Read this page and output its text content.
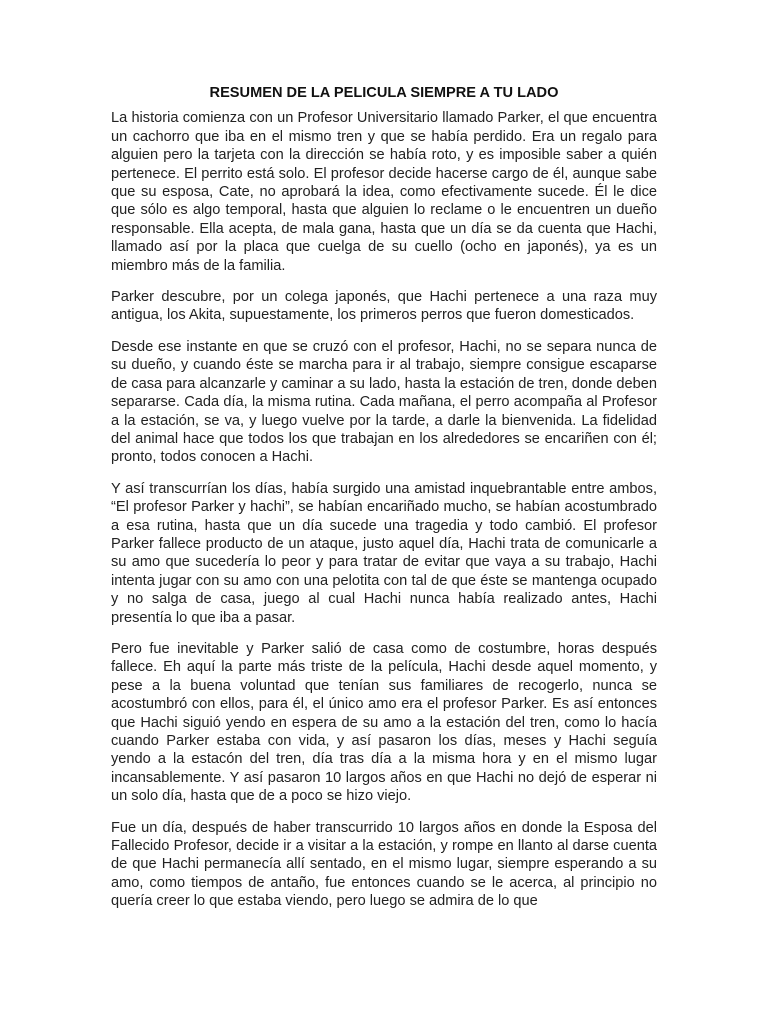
RESUMEN DE LA PELICULA SIEMPRE A TU LADO

La historia comienza con un Profesor Universitario llamado Parker, el que encuentra un cachorro que iba en el mismo tren y que se había perdido. Era un regalo para alguien pero la tarjeta con la dirección se había roto, y es imposible saber a quién pertenece. El perrito está solo. El profesor decide hacerse cargo de él, aunque sabe que su esposa, Cate, no aprobará la idea, como efectivamente sucede. Él le dice que sólo es algo temporal, hasta que alguien lo reclame o le encuentren un dueño responsable. Ella acepta, de mala gana, hasta que un día se da cuenta que Hachi, llamado así por la placa que cuelga de su cuello (ocho en japonés), ya es un miembro más de la familia.

Parker descubre, por un colega japonés, que Hachi pertenece a una raza muy antigua, los Akita, supuestamente, los primeros perros que fueron domesticados.

Desde ese instante en que se cruzó con el profesor, Hachi, no se separa nunca de su dueño, y cuando éste se marcha para ir al trabajo, siempre consigue escaparse de casa para alcanzarle y caminar a su lado, hasta la estación de tren, donde deben separarse. Cada día, la misma rutina. Cada mañana, el perro acompaña al Profesor a la estación, se va, y luego vuelve por la tarde, a darle la bienvenida. La fidelidad del animal hace que todos los que trabajan en los alrededores se encariñen con él; pronto, todos conocen a Hachi.

Y así transcurrían los días, había surgido una amistad inquebrantable entre ambos, “El profesor Parker y hachi”, se habían encariñado mucho, se habían acostumbrado a esa rutina, hasta que un día sucede una tragedia y todo cambió. El profesor Parker fallece producto de un ataque, justo aquel día, Hachi trata de comunicarle a su amo que sucedería lo peor y para tratar de evitar que vaya a su trabajo, Hachi intenta jugar con su amo con una pelotita con tal de que éste se mantenga ocupado y no salga de casa, juego al cual Hachi nunca había realizado antes, Hachi presentía lo que iba a pasar.

Pero fue inevitable y Parker salió de casa como de costumbre, horas después fallece. Eh aquí la parte más triste de la película, Hachi desde aquel momento, y pese a la buena voluntad que tenían sus familiares de recogerlo, nunca se acostumbró con ellos, para él, el único amo era el profesor Parker. Es así entonces que Hachi siguió yendo en espera de su amo a la estación del tren, como lo hacía cuando Parker estaba con vida, y así pasaron los días, meses y Hachi seguía yendo a la estacón del tren, día tras día a la misma hora y en el mismo lugar incansablemente. Y así pasaron 10 largos años en que Hachi no dejó de esperar ni un solo día, hasta que de a poco se hizo viejo.

Fue un día, después de haber transcurrido 10 largos años en donde la Esposa del Fallecido Profesor, decide ir a visitar a la estación, y rompe en llanto al darse cuenta de que Hachi permanecía allí sentado, en el mismo lugar, siempre esperando a su amo, como tiempos de antaño, fue entonces cuando se le acerca, al principio no quería creer lo que estaba viendo, pero luego se admira de lo que
